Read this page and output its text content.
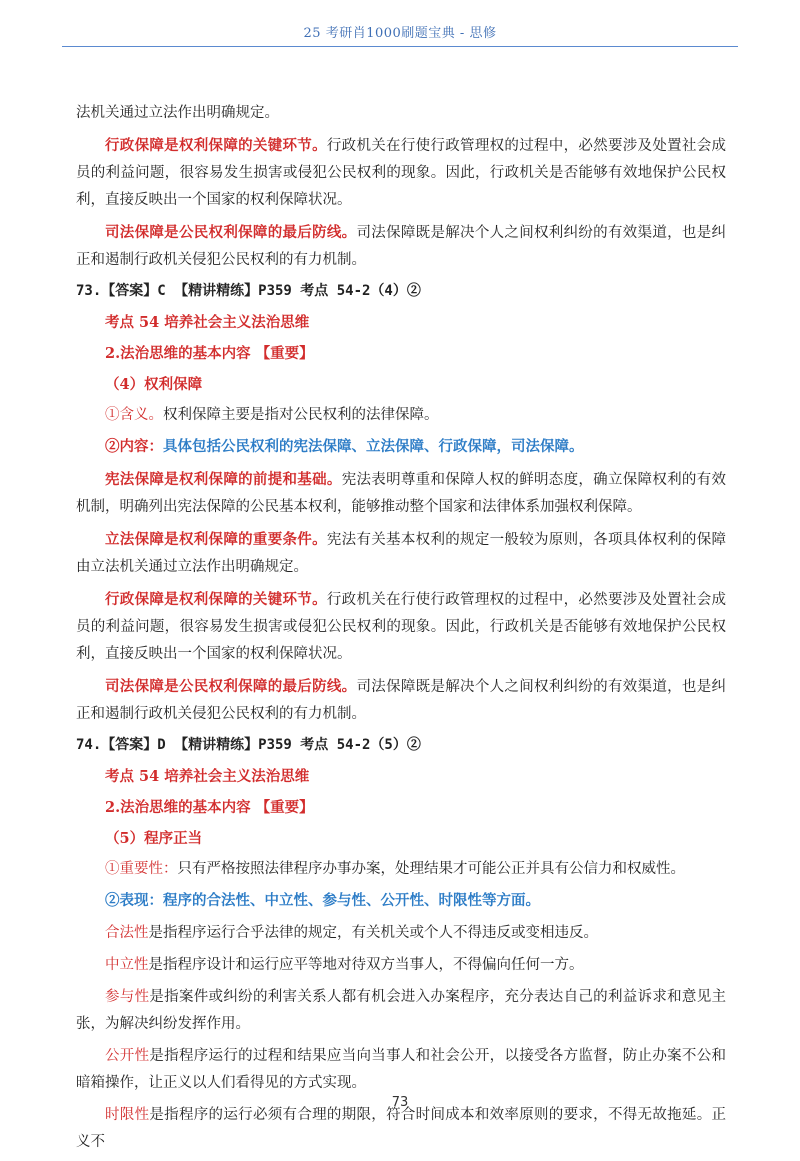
25 考研肖1000刷题宝典 - 思修

法机关通过立法作出明确规定。

行政保障是权利保障的关键环节。行政机关在行使行政管理权的过程中，必然要涉及处置社会成员的利益问题，很容易发生损害或侵犯公民权利的现象。因此，行政机关是否能够有效地保护公民权利，直接反映出一个国家的权利保障状况。

司法保障是公民权利保障的最后防线。司法保障既是解决个人之间权利纠纷的有效渠道，也是纠正和遏制行政机关侵犯公民权利的有力机制。

73.【答案】C 【精讲精练】P359 考点 54-2（4）②

考点 54 培养社会主义法治思维

2.法治思维的基本内容 【重要】

（4）权利保障

①含义。权利保障主要是指对公民权利的法律保障。

②内容：具体包括公民权利的宪法保障、立法保障、行政保障，司法保障。

宪法保障是权利保障的前提和基础。宪法表明尊重和保障人权的鲜明态度，确立保障权利的有效机制，明确列出宪法保障的公民基本权利，能够推动整个国家和法律体系加强权利保障。

立法保障是权利保障的重要条件。宪法有关基本权利的规定一般较为原则，各项具体权利的保障由立法机关通过立法作出明确规定。

行政保障是权利保障的关键环节。行政机关在行使行政管理权的过程中，必然要涉及处置社会成员的利益问题，很容易发生损害或侵犯公民权利的现象。因此，行政机关是否能够有效地保护公民权利，直接反映出一个国家的权利保障状况。

司法保障是公民权利保障的最后防线。司法保障既是解决个人之间权利纠纷的有效渠道，也是纠正和遏制行政机关侵犯公民权利的有力机制。

74.【答案】D 【精讲精练】P359 考点 54-2（5）②

考点 54 培养社会主义法治思维

2.法治思维的基本内容 【重要】

（5）程序正当

①重要性：只有严格按照法律程序办事办案，处理结果才可能公正并具有公信力和权威性。

②表现：程序的合法性、中立性、参与性、公开性、时限性等方面。

合法性是指程序运行合乎法律的规定，有关机关或个人不得违反或变相违反。

中立性是指程序设计和运行应平等地对待双方当事人，不得偏向任何一方。

参与性是指案件或纠纷的利害关系人都有机会进入办案程序，充分表达自己的利益诉求和意见主张，为解决纠纷发挥作用。

公开性是指程序运行的过程和结果应当向当事人和社会公开，以接受各方监督，防止办案不公和暗箱操作，让正义以人们看得见的方式实现。

时限性是指程序的运行必须有合理的期限，符合时间成本和效率原则的要求，不得无故拖延。正义不

73
